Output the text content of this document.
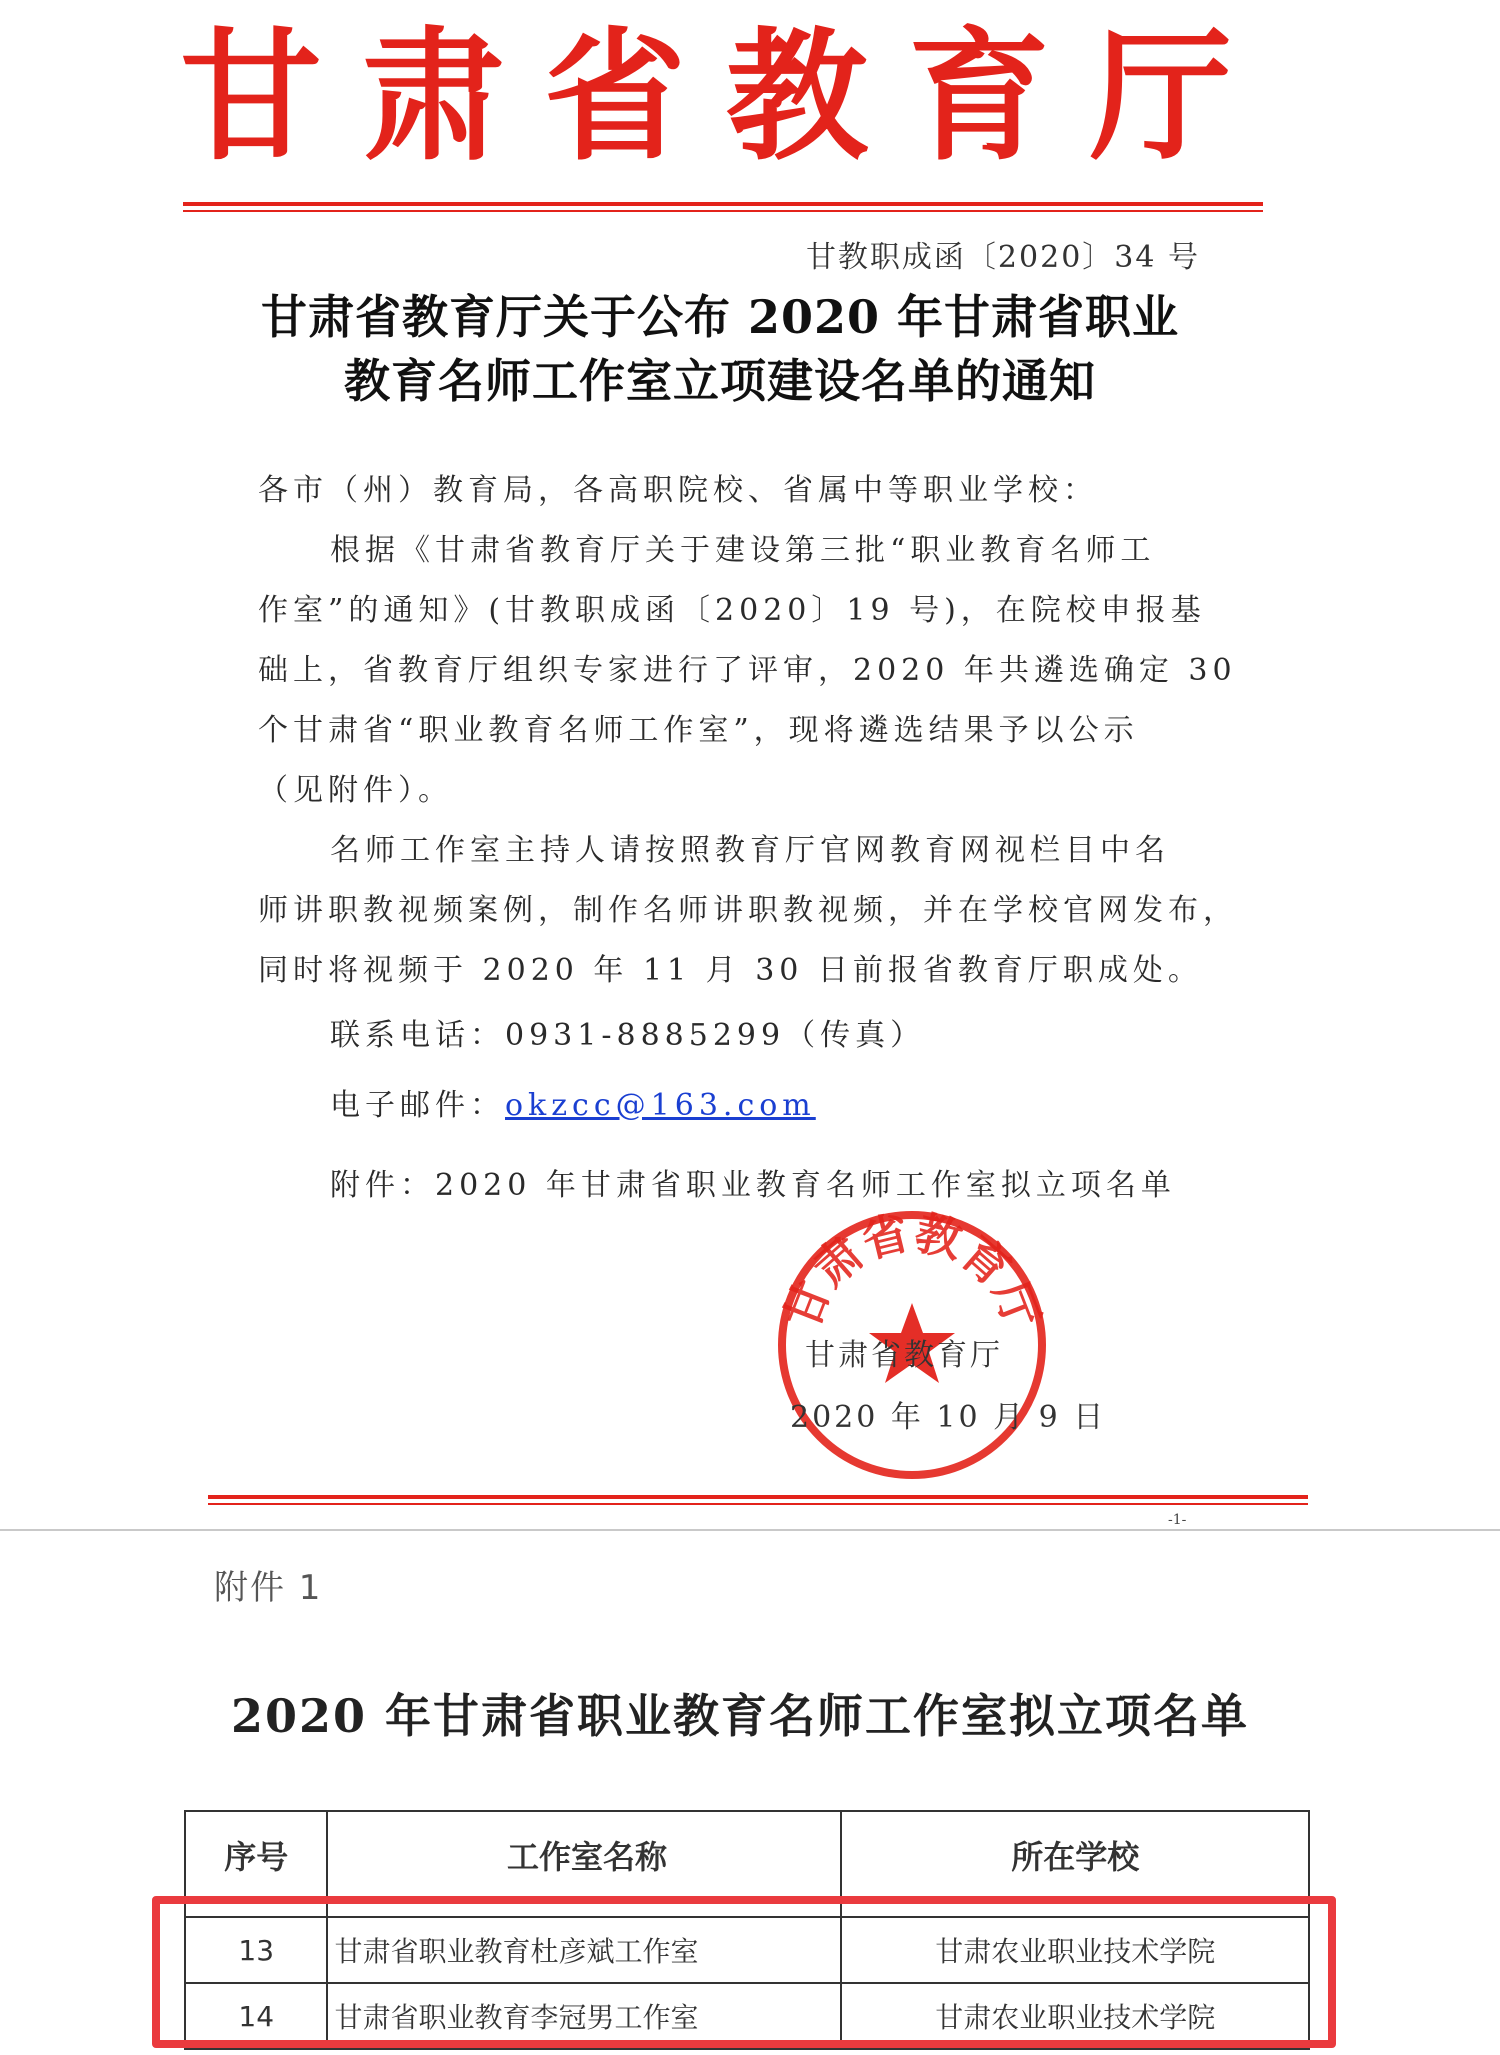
甘肃省教育厅
甘教职成函〔2020〕34 号
甘肃省教育厅关于公布 2020 年甘肃省职业
教育名师工作室立项建设名单的通知
各市（州）教育局，各高职院校、省属中等职业学校：
根据《甘肃省教育厅关于建设第三批“职业教育名师工
作室”的通知》(甘教职成函〔2020〕19 号)，在院校申报基
础上，省教育厅组织专家进行了评审，2020 年共遴选确定 30
个甘肃省“职业教育名师工作室”，现将遴选结果予以公示
（见附件）。
名师工作室主持人请按照教育厅官网教育网视栏目中名
师讲职教视频案例，制作名师讲职教视频，并在学校官网发布，
同时将视频于 2020 年 11 月 30 日前报省教育厅职成处。
联系电话：0931-8885299（传真）
电子邮件：okzcc@163.com
附件：2020 年甘肃省职业教育名师工作室拟立项名单
甘肃省教育厅
甘肃省教育厅
2020 年 10 月 9 日
-1-
附件 1
2020 年甘肃省职业教育名师工作室拟立项名单
序号	工作室名称	所在学校

13	甘肃省职业教育杜彦斌工作室	甘肃农业职业技术学院
14	甘肃省职业教育李冠男工作室	甘肃农业职业技术学院
